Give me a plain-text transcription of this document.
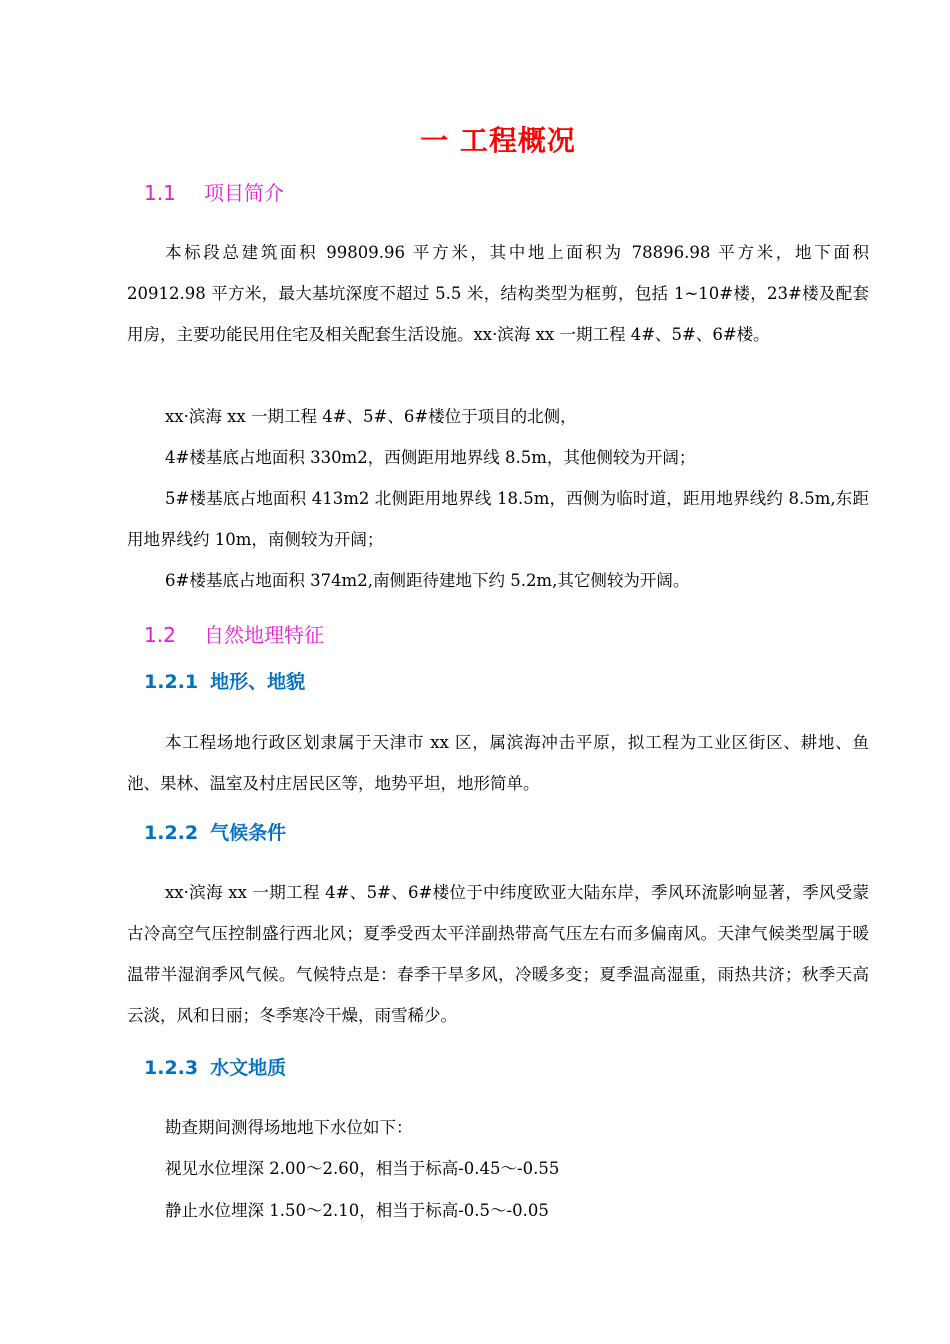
一 工程概况
1.1 项目简介

本标段总建筑面积 99809.96 平方米，其中地上面积为 78896.98 平方米，地下面积 20912.98 平方米，最大基坑深度不超过 5.5 米，结构类型为框剪，包括 1~10#楼，23#楼及配套用房，主要功能民用住宅及相关配套生活设施。xx·滨海 xx 一期工程 4#、5#、6#楼。

xx·滨海 xx 一期工程 4#、5#、6#楼位于项目的北侧，

4#楼基底占地面积 330m2，西侧距用地界线 8.5m，其他侧较为开阔；

5#楼基底占地面积 413m2 北侧距用地界线 18.5m，西侧为临时道，距用地界线约 8.5m,东距用地界线约 10m，南侧较为开阔；

6#楼基底占地面积 374m2,南侧距待建地下约 5.2m,其它侧较为开阔。

1.2 自然地理特征
1.2.1 地形、地貌

本工程场地行政区划隶属于天津市 xx 区，属滨海冲击平原，拟工程为工业区街区、耕地、鱼池、果林、温室及村庄居民区等，地势平坦，地形简单。

1.2.2 气候条件

xx·滨海 xx 一期工程 4#、5#、6#楼位于中纬度欧亚大陆东岸，季风环流影响显著，季风受蒙古冷高空气压控制盛行西北风；夏季受西太平洋副热带高气压左右而多偏南风。天津气候类型属于暖温带半湿润季风气候。气候特点是：春季干旱多风，冷暖多变；夏季温高湿重，雨热共济；秋季天高云淡，风和日丽；冬季寒冷干燥，雨雪稀少。

1.2.3 水文地质

勘查期间测得场地地下水位如下：

视见水位埋深 2.00～2.60，相当于标高-0.45～-0.55

静止水位埋深 1.50～2.10，相当于标高-0.5～-0.05
